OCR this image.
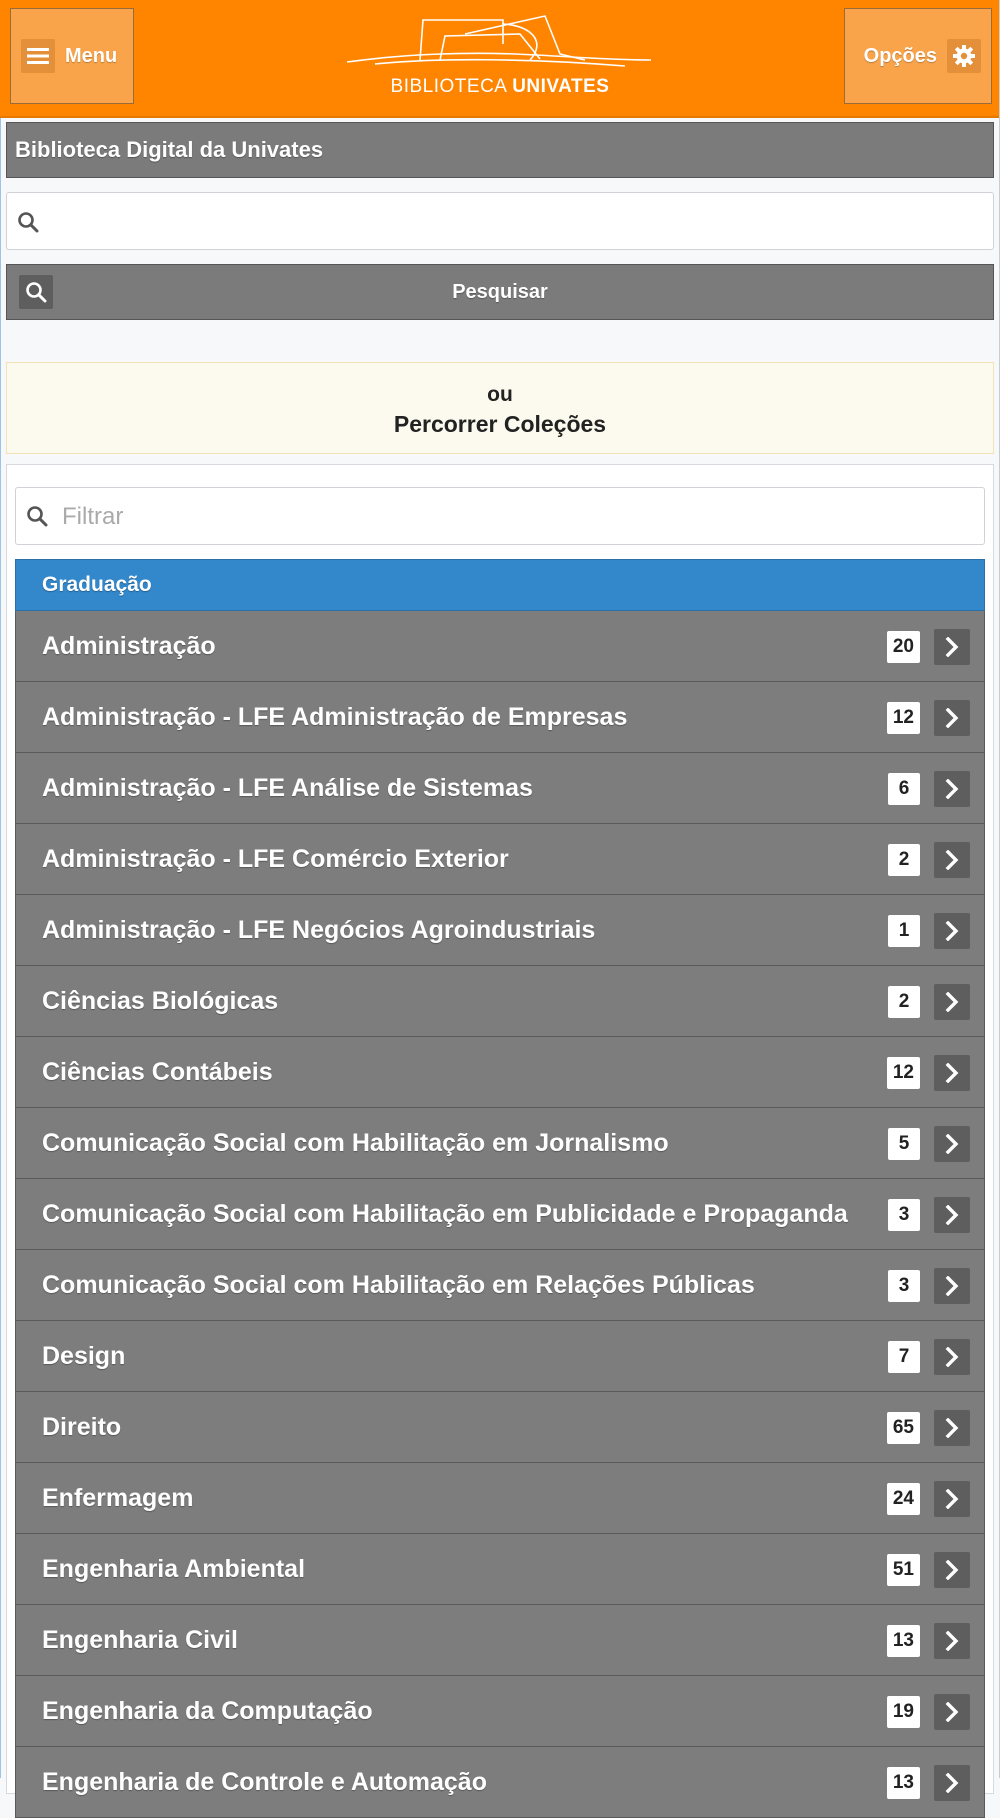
Menu
BIBLIOTECA UNIVATES
Opções
Biblioteca Digital da Univates
Pesquisar
ou
Percorrer Coleções
Filtrar
Graduação
Administração	20
Administração - LFE Administração de Empresas	12
Administração - LFE Análise de Sistemas	6
Administração - LFE Comércio Exterior	2
Administração - LFE Negócios Agroindustriais	1
Ciências Biológicas	2
Ciências Contábeis	12
Comunicação Social com Habilitação em Jornalismo	5
Comunicação Social com Habilitação em Publicidade e Propaganda	3
Comunicação Social com Habilitação em Relações Públicas	3
Design	7
Direito	65
Enfermagem	24
Engenharia Ambiental	51
Engenharia Civil	13
Engenharia da Computação	19
Engenharia de Controle e Automação	13
